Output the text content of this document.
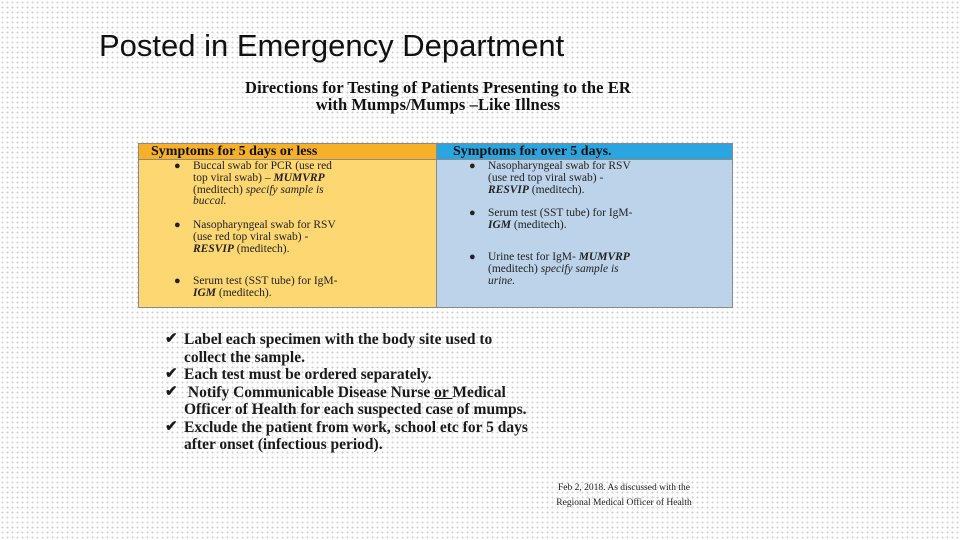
Posted in Emergency Department
Directions for Testing of Patients Presenting to the ER
with Mumps/Mumps –Like Illness
Symptoms for 5 days or less
● Buccal swab for PCR (use red
top viral swab) – MUMVRP
(meditech) specify sample is
buccal.
● Nasopharyngeal swab for RSV
(use red top viral swab) -
RESVIP (meditech).
● Serum test (SST tube) for IgM-
IGM (meditech).
Symptoms for over 5 days.
● Nasopharyngeal swab for RSV
(use red top viral swab) -
RESVIP (meditech).
● Serum test (SST tube) for IgM-
IGM (meditech).
● Urine test for IgM- MUMVRP
(meditech) specify sample is
urine.
✔ Label each specimen with the body site used to
collect the sample.
✔ Each test must be ordered separately.
✔ Notify Communicable Disease Nurse or Medical
Officer of Health for each suspected case of mumps.
✔ Exclude the patient from work, school etc for 5 days
after onset (infectious period).
Feb 2, 2018. As discussed with the
Regional Medical Officer of Health
